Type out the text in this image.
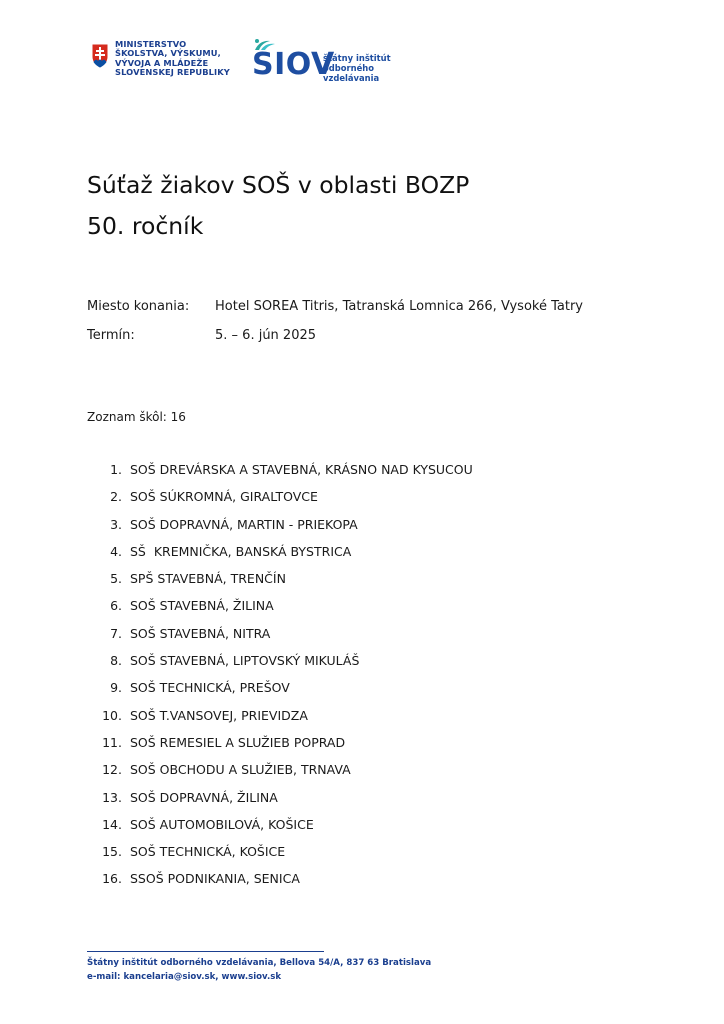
MINISTERSTVO
ŠKOLSTVA, VÝSKUMU,
VÝVOJA A MLÁDEŽE
SLOVENSKEJ REPUBLIKY SIOV
štátny inštitút
odborného
vzdelávania
Súťaž žiakov SOŠ v oblasti BOZP
50. ročník
Miesto konania: Hotel SOREA Titris, Tatranská Lomnica 266, Vysoké Tatry
Termín:	5. – 6. jún 2025
Zoznam škôl: 16
1. SOŠ DREVÁRSKA A STAVEBNÁ, KRÁSNO NAD KYSUCOU
2. SOŠ SÚKROMNÁ, GIRALTOVCE
3. SOŠ DOPRAVNÁ, MARTIN - PRIEKOPA
4. SŠ  KREMNIČKA, BANSKÁ BYSTRICA
5. SPŠ STAVEBNÁ, TRENČÍN
6. SOŠ STAVEBNÁ, ŽILINA
7. SOŠ STAVEBNÁ, NITRA
8. SOŠ STAVEBNÁ, LIPTOVSKÝ MIKULÁŠ
9. SOŠ TECHNICKÁ, PREŠOV
10. SOŠ T.VANSOVEJ, PRIEVIDZA
11. SOŠ REMESIEL A SLUŽIEB POPRAD
12. SOŠ OBCHODU A SLUŽIEB, TRNAVA
13. SOŠ DOPRAVNÁ, ŽILINA
14. SOŠ AUTOMOBILOVÁ, KOŠICE
15. SOŠ TECHNICKÁ, KOŠICE
16. SSOŠ PODNIKANIA, SENICA
Štátny inštitút odborného vzdelávania, Bellova 54/A, 837 63 Bratislava
e-mail: kancelaria@siov.sk, www.siov.sk
